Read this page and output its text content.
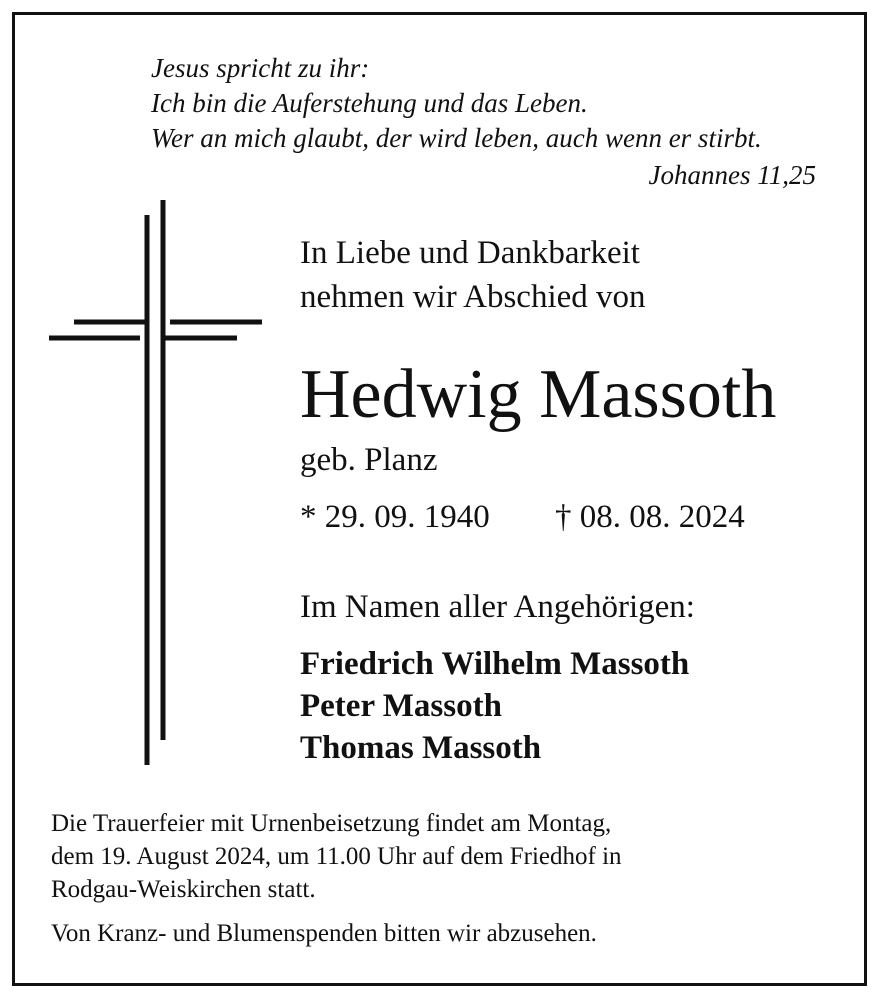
Jesus spricht zu ihr:
Ich bin die Auferstehung und das Leben.
Wer an mich glaubt, der wird leben, auch wenn er stirbt.
Johannes 11,25
In Liebe und Dankbarkeit
nehmen wir Abschied von
Hedwig Massoth
geb. Planz
* 29. 09. 1940 † 08. 08. 2024
Im Namen aller Angehörigen:
Friedrich Wilhelm Massoth
Peter Massoth
Thomas Massoth
Die Trauerfeier mit Urnenbeisetzung findet am Montag,
dem 19. August 2024, um 11.00 Uhr auf dem Friedhof in
Rodgau-Weiskirchen statt.
Von Kranz- und Blumenspenden bitten wir abzusehen.
